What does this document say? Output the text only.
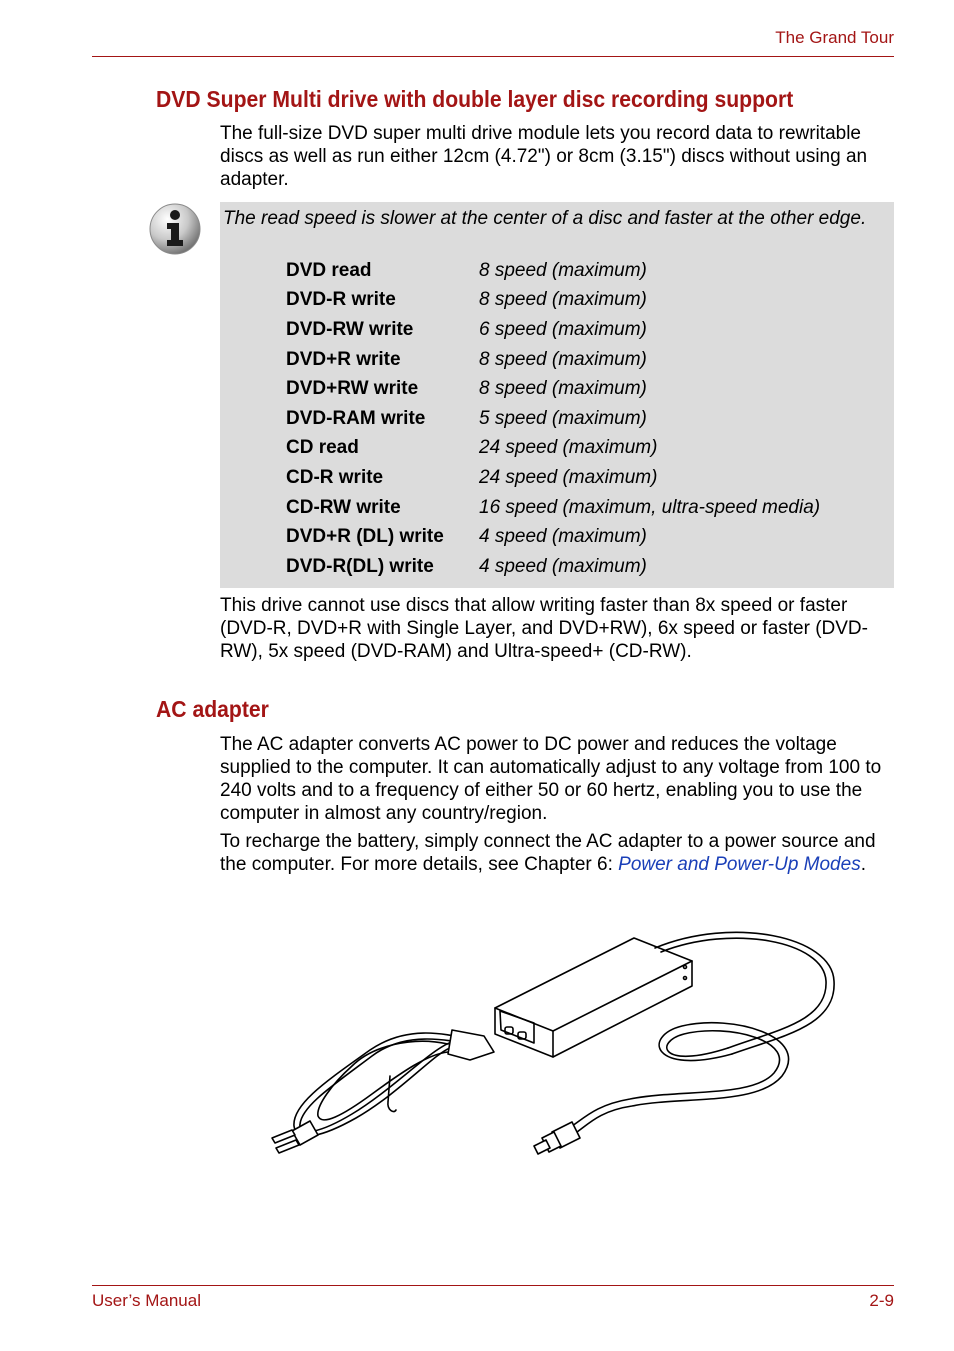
The Grand Tour
DVD Super Multi drive with double layer disc recording support

The full-size DVD super multi drive module lets you record data to rewritable discs as well as run either 12cm (4.72") or 8cm (3.15") discs without using an adapter.

The read speed is slower at the center of a disc and faster at the other edge.

DVD read	8 speed (maximum)
DVD-R write	8 speed (maximum)
DVD-RW write	6 speed (maximum)
DVD+R write	8 speed (maximum)
DVD+RW write	8 speed (maximum)
DVD-RAM write	5 speed (maximum)
CD read	24 speed (maximum)
CD-R write	24 speed (maximum)
CD-RW write	16 speed (maximum, ultra-speed media)
DVD+R (DL) write	4 speed (maximum)
DVD-R(DL) write	4 speed (maximum)

This drive cannot use discs that allow writing faster than 8x speed or faster (DVD-R, DVD+R with Single Layer, and DVD+RW), 6x speed or faster (DVD-RW), 5x speed (DVD-RAM) and Ultra-speed+ (CD-RW).

AC adapter

The AC adapter converts AC power to DC power and reduces the voltage supplied to the computer. It can automatically adjust to any voltage from 100 to 240 volts and to a frequency of either 50 or 60 hertz, enabling you to use the computer in almost any country/region.

To recharge the battery, simply connect the AC adapter to a power source and the computer. For more details, see Chapter 6: Power and Power-Up Modes.

User’s Manual	2-9
